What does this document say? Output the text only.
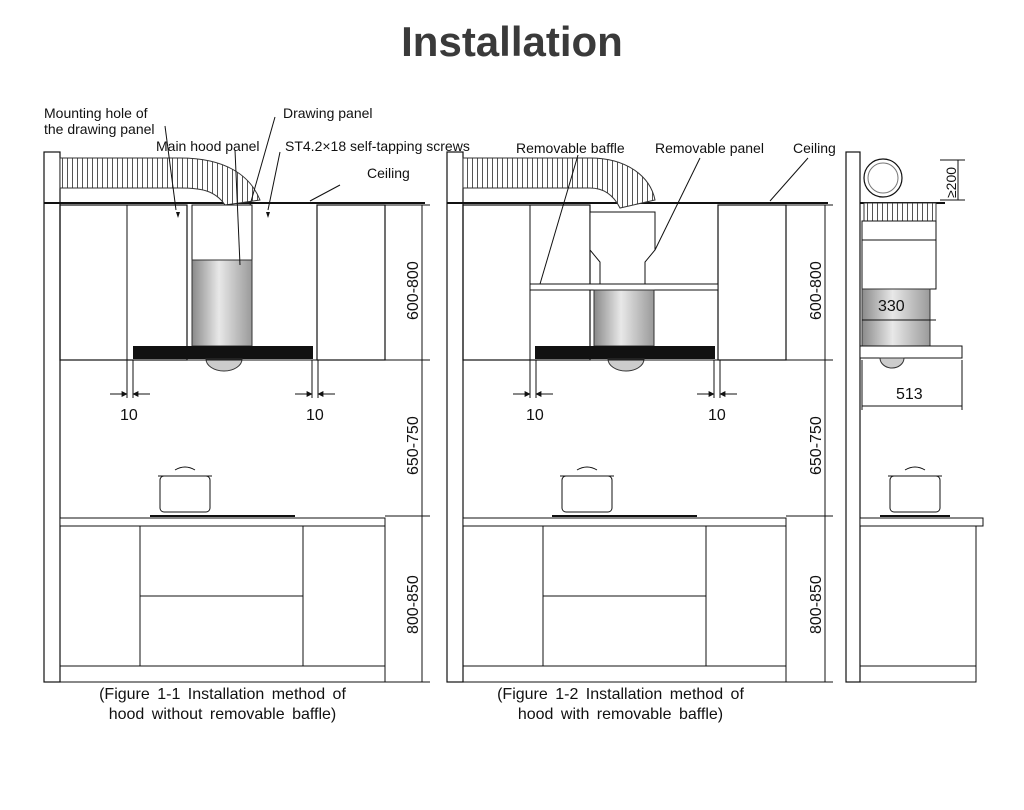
Installation
Mounting hole of
the drawing panel
Main hood panel
Drawing panel
ST4.2×18 self-tapping screws
Ceiling
10	10
600-800
650-750
800-850
Removable baffle Removable panel Ceiling
10	10
600-800
650-750
800-850
≥200
330
513
(Figure 1-1 Installation method of
hood without removable baffle)
(Figure 1-2 Installation method of
hood with removable baffle)
